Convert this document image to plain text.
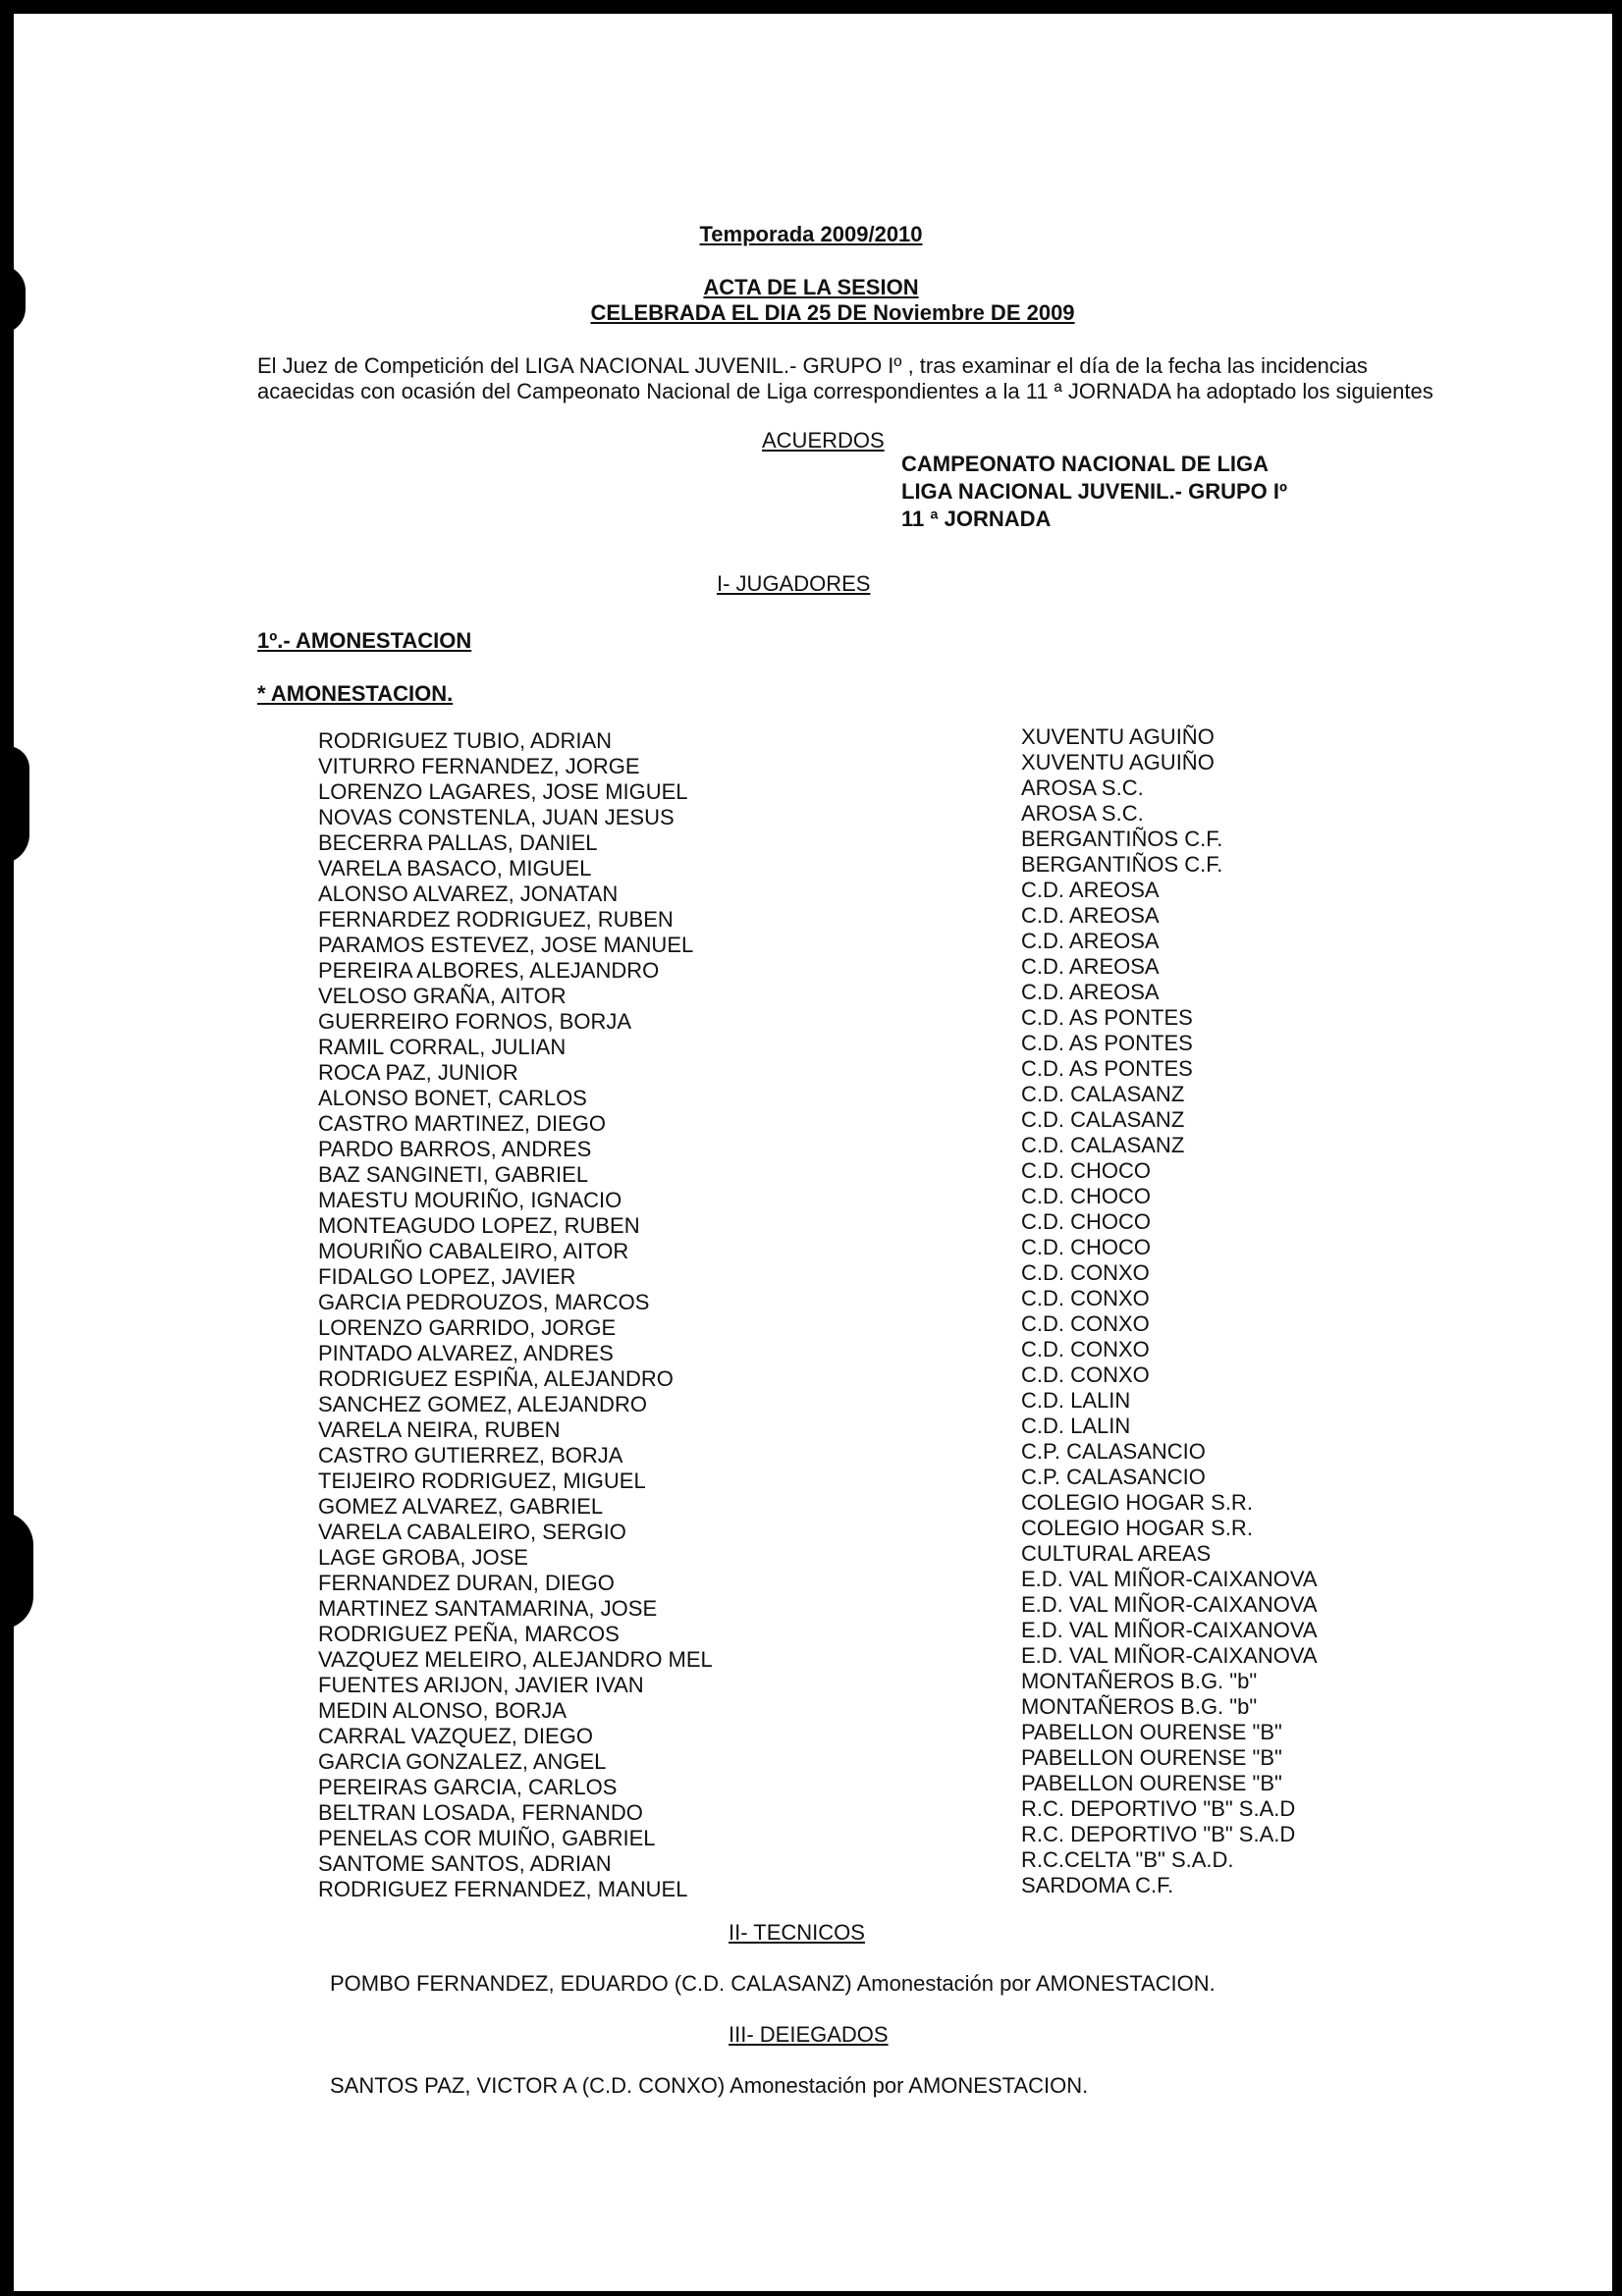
Temporada 2009/2010
ACTA DE LA SESION
CELEBRADA EL DIA 25 DE Noviembre DE 2009
El Juez de Competición del LIGA NACIONAL JUVENIL.- GRUPO Iº , tras examinar el día de la fecha las incidencias
acaecidas con ocasión del Campeonato Nacional de Liga correspondientes a la 11 ª JORNADA ha adoptado los siguientes
ACUERDOS
CAMPEONATO NACIONAL DE LIGA
LIGA NACIONAL JUVENIL.- GRUPO Iº
11 ª JORNADA
I- JUGADORES
1º.- AMONESTACION
* AMONESTACION.
RODRIGUEZ TUBIO, ADRIAN
VITURRO FERNANDEZ, JORGE
LORENZO LAGARES, JOSE MIGUEL
NOVAS CONSTENLA, JUAN JESUS
BECERRA PALLAS, DANIEL
VARELA BASACO, MIGUEL
ALONSO ALVAREZ, JONATAN
FERNARDEZ RODRIGUEZ, RUBEN
PARAMOS ESTEVEZ, JOSE MANUEL
PEREIRA ALBORES, ALEJANDRO
VELOSO GRAÑA, AITOR
GUERREIRO FORNOS, BORJA
RAMIL CORRAL, JULIAN
ROCA PAZ, JUNIOR
ALONSO BONET, CARLOS
CASTRO MARTINEZ, DIEGO
PARDO BARROS, ANDRES
BAZ SANGINETI, GABRIEL
MAESTU MOURIÑO, IGNACIO
MONTEAGUDO LOPEZ, RUBEN
MOURIÑO CABALEIRO, AITOR
FIDALGO LOPEZ, JAVIER
GARCIA PEDROUZOS, MARCOS
LORENZO GARRIDO, JORGE
PINTADO ALVAREZ, ANDRES
RODRIGUEZ ESPIÑA, ALEJANDRO
SANCHEZ GOMEZ, ALEJANDRO
VARELA NEIRA, RUBEN
CASTRO GUTIERREZ, BORJA
TEIJEIRO RODRIGUEZ, MIGUEL
GOMEZ ALVAREZ, GABRIEL
VARELA CABALEIRO, SERGIO
LAGE GROBA, JOSE
FERNANDEZ DURAN, DIEGO
MARTINEZ SANTAMARINA, JOSE
RODRIGUEZ PEÑA, MARCOS
VAZQUEZ MELEIRO, ALEJANDRO MEL
FUENTES ARIJON, JAVIER IVAN
MEDIN ALONSO, BORJA
CARRAL VAZQUEZ, DIEGO
GARCIA GONZALEZ, ANGEL
PEREIRAS GARCIA, CARLOS
BELTRAN LOSADA, FERNANDO
PENELAS COR MUIÑO, GABRIEL
SANTOME SANTOS, ADRIAN
RODRIGUEZ FERNANDEZ, MANUEL
XUVENTU AGUIÑO
XUVENTU AGUIÑO
AROSA S.C.
AROSA S.C.
BERGANTIÑOS C.F.
BERGANTIÑOS C.F.
C.D. AREOSA
C.D. AREOSA
C.D. AREOSA
C.D. AREOSA
C.D. AREOSA
C.D. AS PONTES
C.D. AS PONTES
C.D. AS PONTES
C.D. CALASANZ
C.D. CALASANZ
C.D. CALASANZ
C.D. CHOCO
C.D. CHOCO
C.D. CHOCO
C.D. CHOCO
C.D. CONXO
C.D. CONXO
C.D. CONXO
C.D. CONXO
C.D. CONXO
C.D. LALIN
C.D. LALIN
C.P. CALASANCIO
C.P. CALASANCIO
COLEGIO HOGAR S.R.
COLEGIO HOGAR S.R.
CULTURAL AREAS
E.D. VAL MIÑOR-CAIXANOVA
E.D. VAL MIÑOR-CAIXANOVA
E.D. VAL MIÑOR-CAIXANOVA
E.D. VAL MIÑOR-CAIXANOVA
MONTAÑEROS B.G. "b"
MONTAÑEROS B.G. "b"
PABELLON OURENSE "B"
PABELLON OURENSE "B"
PABELLON OURENSE "B"
R.C. DEPORTIVO "B" S.A.D
R.C. DEPORTIVO "B" S.A.D
R.C.CELTA "B" S.A.D.
SARDOMA C.F.
II- TECNICOS
POMBO FERNANDEZ, EDUARDO (C.D. CALASANZ) Amonestación por AMONESTACION.
III- DEIEGADOS
SANTOS PAZ, VICTOR A (C.D. CONXO) Amonestación por AMONESTACION.
